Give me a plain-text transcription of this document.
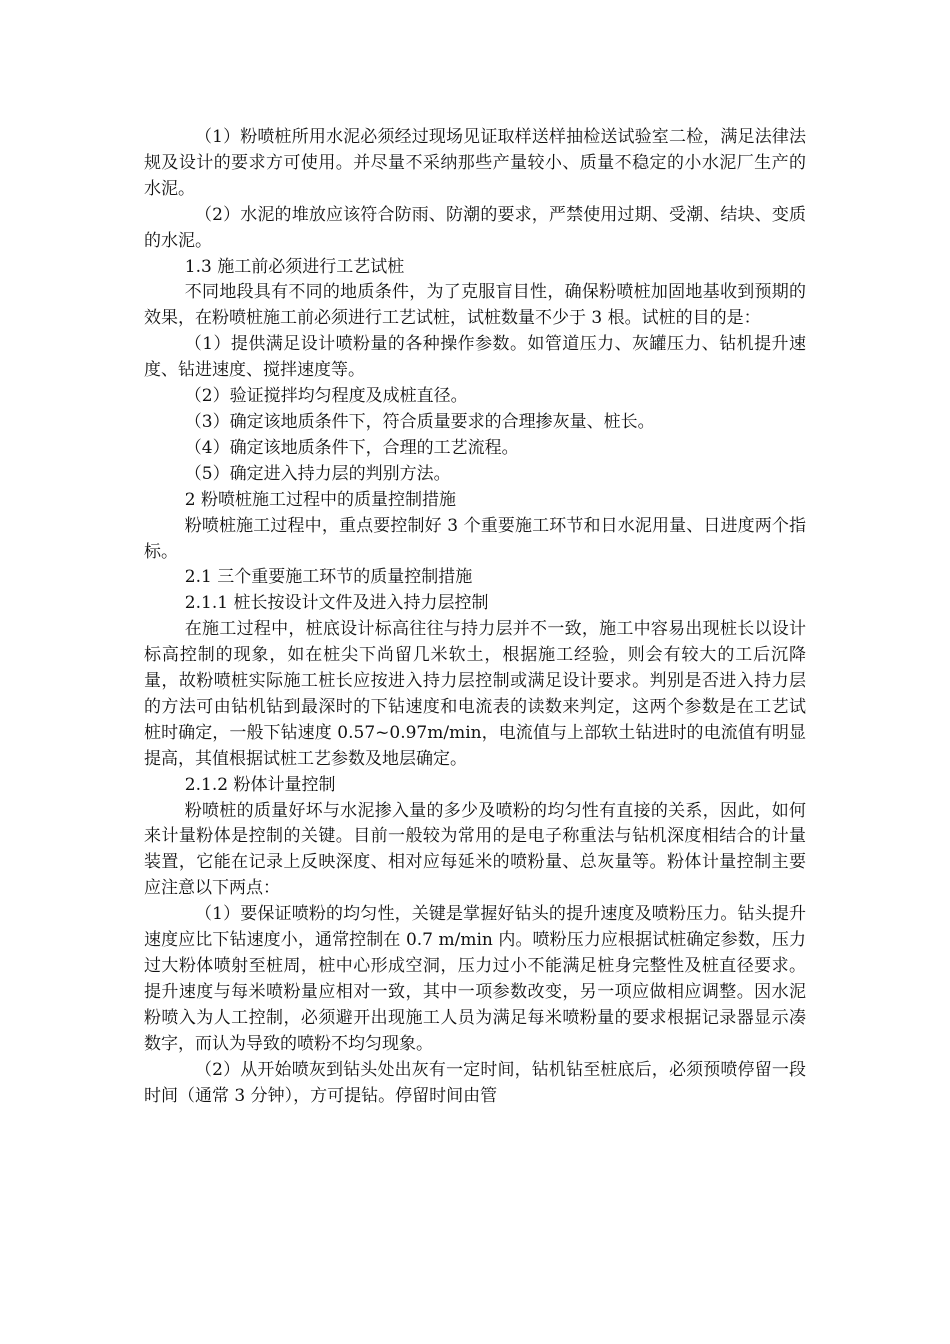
（1）粉喷桩所用水泥必须经过现场见证取样送样抽检送试验室二检，满足法律法规及设计的要求方可使用。并尽量不采纳那些产量较小、质量不稳定的小水泥厂生产的水泥。

（2）水泥的堆放应该符合防雨、防潮的要求，严禁使用过期、受潮、结块、变质的水泥。

1.3 施工前必须进行工艺试桩

不同地段具有不同的地质条件，为了克服盲目性，确保粉喷桩加固地基收到预期的效果，在粉喷桩施工前必须进行工艺试桩，试桩数量不少于 3 根。试桩的目的是：

（1）提供满足设计喷粉量的各种操作参数。如管道压力、灰罐压力、钻机提升速度、钻进速度、搅拌速度等。

（2）验证搅拌均匀程度及成桩直径。

（3）确定该地质条件下，符合质量要求的合理掺灰量、桩长。

（4）确定该地质条件下，合理的工艺流程。

（5）确定进入持力层的判别方法。

2 粉喷桩施工过程中的质量控制措施

粉喷桩施工过程中，重点要控制好 3 个重要施工环节和日水泥用量、日进度两个指标。

2.1 三个重要施工环节的质量控制措施

2.1.1 桩长按设计文件及进入持力层控制

在施工过程中，桩底设计标高往往与持力层并不一致，施工中容易出现桩长以设计标高控制的现象，如在桩尖下尚留几米软土，根据施工经验，则会有较大的工后沉降量，故粉喷桩实际施工桩长应按进入持力层控制或满足设计要求。判别是否进入持力层的方法可由钻机钻到最深时的下钻速度和电流表的读数来判定，这两个参数是在工艺试桩时确定，一般下钻速度 0.57~0.97m/min，电流值与上部软土钻进时的电流值有明显提高，其值根据试桩工艺参数及地层确定。

2.1.2 粉体计量控制

粉喷桩的质量好坏与水泥掺入量的多少及喷粉的均匀性有直接的关系，因此，如何来计量粉体是控制的关键。目前一般较为常用的是电子称重法与钻机深度相结合的计量装置，它能在记录上反映深度、相对应每延米的喷粉量、总灰量等。粉体计量控制主要应注意以下两点：

（1）要保证喷粉的均匀性，关键是掌握好钻头的提升速度及喷粉压力。钻头提升速度应比下钻速度小，通常控制在 0.7 m/min 内。喷粉压力应根据试桩确定参数，压力过大粉体喷射至桩周，桩中心形成空洞，压力过小不能满足桩身完整性及桩直径要求。提升速度与每米喷粉量应相对一致，其中一项参数改变，另一项应做相应调整。因水泥粉喷入为人工控制，必须避开出现施工人员为满足每米喷粉量的要求根据记录器显示凑数字，而认为导致的喷粉不均匀现象。

（2）从开始喷灰到钻头处出灰有一定时间，钻机钻至桩底后，必须预喷停留一段时间（通常 3 分钟），方可提钻。停留时间由管
